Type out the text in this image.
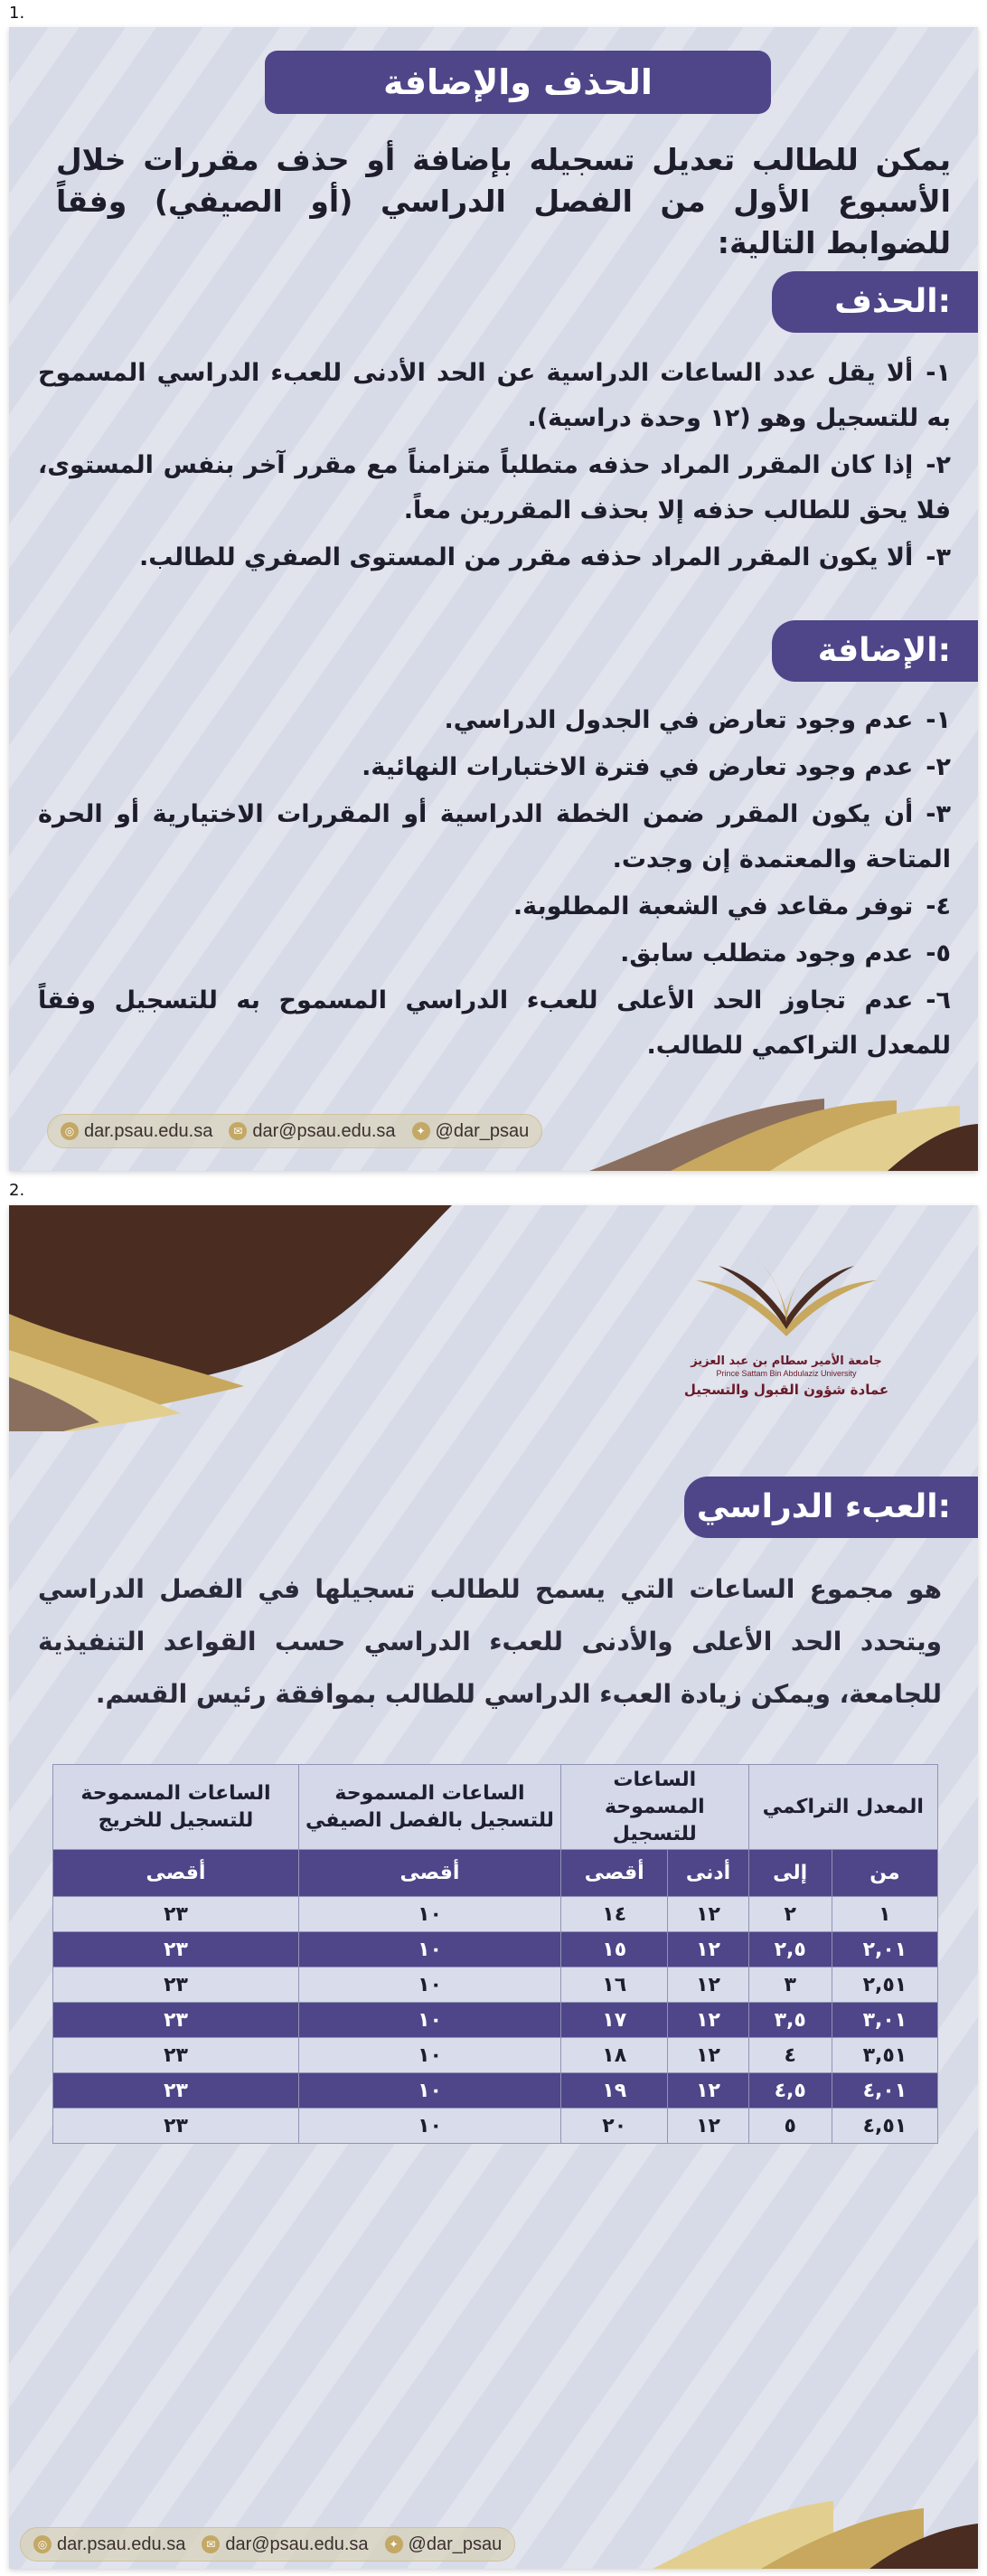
1.
2.
الحذف والإضافة
يمكن للطالب تعديل تسجيله بإضافة أو حذف مقررات خلال الأسبوع الأول من الفصل الدراسي (أو الصيفي) وفقاً للضوابط التالية:
الحذف:
١-ألا يقل عدد الساعات الدراسية عن الحد الأدنى للعبء الدراسي المسموح به للتسجيل وهو (١٢ وحدة دراسية).
٢-إذا كان المقرر المراد حذفه متطلباً متزامناً مع مقرر آخر بنفس المستوى، فلا يحق للطالب حذفه إلا بحذف المقررين معاً.
٣-ألا يكون المقرر المراد حذفه مقرر من المستوى الصفري للطالب.
الإضافة:
١-عدم وجود تعارض في الجدول الدراسي.
٢-عدم وجود تعارض في فترة الاختبارات النهائية.
٣-أن يكون المقرر ضمن الخطة الدراسية أو المقررات الاختيارية أو الحرة المتاحة والمعتمدة إن وجدت.
٤-توفر مقاعد في الشعبة المطلوبة.
٥-عدم وجود متطلب سابق.
٦-عدم تجاوز الحد الأعلى للعبء الدراسي المسموح به للتسجيل وفقاً للمعدل التراكمي للطالب.
◎ dar.psau.edu.sa	✉ dar@psau.edu.sa	✦ @dar_psau
جامعة الأمير سطام بن عبد العزيز
Prince Sattam Bin Abdulaziz University
عمادة شؤون القبول والتسجيل
العبء الدراسي:
هو مجموع الساعات التي يسمح للطالب تسجيلها في الفصل الدراسي ويتحدد الحد الأعلى والأدنى للعبء الدراسي حسب القواعد التنفيذية للجامعة، ويمكن زيادة العبء الدراسي للطالب بموافقة رئيس القسم.
المعدل التراكمي		الساعات المسموحة للتسجيل		الساعات المسموحة للتسجيل بالفصل الصيفي	الساعات المسموحة للتسجيل للخريج
من	إلى	أدنى	أقصى	أقصى	أقصى
١	٢	١٢	١٤	١٠	٢٣
٢,٠١	٢,٥	١٢	١٥	١٠	٢٣
٢,٥١	٣	١٢	١٦	١٠	٢٣
٣,٠١	٣,٥	١٢	١٧	١٠	٢٣
٣,٥١	٤	١٢	١٨	١٠	٢٣
٤,٠١	٤,٥	١٢	١٩	١٠	٢٣
٤,٥١	٥	١٢	٢٠	١٠	٢٣
◎ dar.psau.edu.sa	✉ dar@psau.edu.sa	✦ @dar_psau
